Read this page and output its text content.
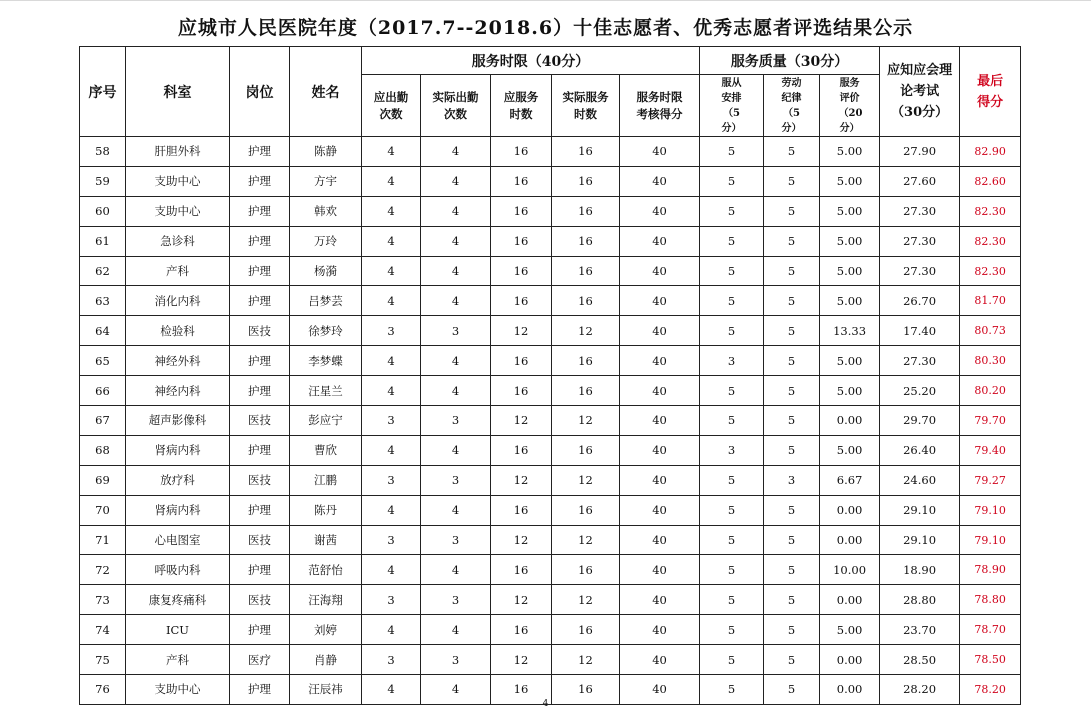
应城市人民医院年度（2017.7--2018.6）十佳志愿者、优秀志愿者评选结果公示
序号	科室	岗位	姓名	服务时限（40分）					服务质量（30分）			应知应会理论考试（30分）	最后得分

				应出勤次数	实际出勤次数	应服务时数	实际服务时数	服务时限考核得分	服从安排（5分）	劳动纪律（5分）	服务评价（20分）		

58	肝胆外科	护理	陈静	4	4	16	16	40	5	5	5.00	27.90	82.90
59	支助中心	护理	方宇	4	4	16	16	40	5	5	5.00	27.60	82.60
60	支助中心	护理	韩欢	4	4	16	16	40	5	5	5.00	27.30	82.30
61	急诊科	护理	万玲	4	4	16	16	40	5	5	5.00	27.30	82.30
62	产科	护理	杨漪	4	4	16	16	40	5	5	5.00	27.30	82.30
63	消化内科	护理	吕梦芸	4	4	16	16	40	5	5	5.00	26.70	81.70
64	检验科	医技	徐梦玲	3	3	12	12	40	5	5	13.33	17.40	80.73
65	神经外科	护理	李梦蝶	4	4	16	16	40	3	5	5.00	27.30	80.30
66	神经内科	护理	汪星兰	4	4	16	16	40	5	5	5.00	25.20	80.20
67	超声影像科	医技	彭应宁	3	3	12	12	40	5	5	0.00	29.70	79.70
68	肾病内科	护理	曹欣	4	4	16	16	40	3	5	5.00	26.40	79.40
69	放疗科	医技	江鹏	3	3	12	12	40	5	3	6.67	24.60	79.27
70	肾病内科	护理	陈丹	4	4	16	16	40	5	5	0.00	29.10	79.10
71	心电图室	医技	谢茜	3	3	12	12	40	5	5	0.00	29.10	79.10
72	呼吸内科	护理	范舒怡	4	4	16	16	40	5	5	10.00	18.90	78.90
73	康复疼痛科	医技	汪海翔	3	3	12	12	40	5	5	0.00	28.80	78.80
74	ICU	护理	刘婷	4	4	16	16	40	5	5	5.00	23.70	78.70
75	产科	医疗	肖静	3	3	12	12	40	5	5	0.00	28.50	78.50
76	支助中心	护理	汪辰祎	4	4	16	16	40	5	5	0.00	28.20	78.20
4
